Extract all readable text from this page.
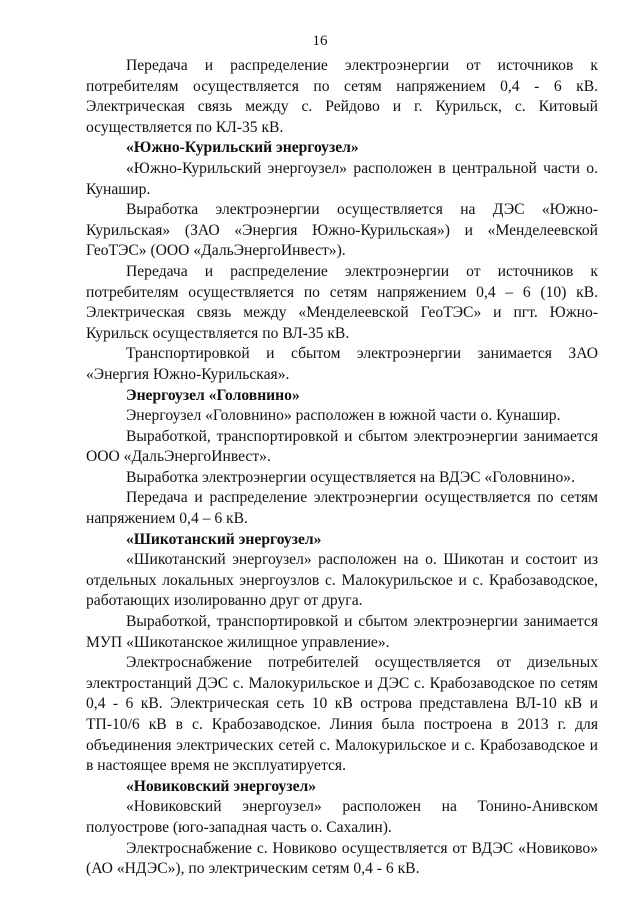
16

Передача и распределение электроэнергии от источников к потребителям осуществляется по сетям напряжением 0,4 - 6 кВ. Электрическая связь между с. Рейдово и г. Курильск, с. Китовый осуществляется по КЛ-35 кВ.

«Южно-Курильский энергоузел»

«Южно-Курильский энергоузел» расположен в центральной части о. Кунашир.

Выработка электроэнергии осуществляется на ДЭС «Южно-Курильская» (ЗАО «Энергия Южно-Курильская») и «Менделеевской ГеоТЭС» (ООО «ДальЭнергоИнвест»).

Передача и распределение электроэнергии от источников к потребителям осуществляется по сетям напряжением 0,4 – 6 (10) кВ. Электрическая связь между «Менделеевской ГеоТЭС» и пгт. Южно-Курильск осуществляется по ВЛ-35 кВ.

Транспортировкой и сбытом электроэнергии занимается ЗАО «Энергия Южно-Курильская».

Энергоузел «Головнино»

Энергоузел «Головнино» расположен в южной части о. Кунашир.

Выработкой, транспортировкой и сбытом электроэнергии занимается ООО «ДальЭнергоИнвест».

Выработка электроэнергии осуществляется на ВДЭС «Головнино».

Передача и распределение электроэнергии осуществляется по сетям напряжением 0,4 – 6 кВ.

«Шикотанский энергоузел»

«Шикотанский энергоузел» расположен на о. Шикотан и состоит из отдельных локальных энергоузлов с. Малокурильское и с. Крабозаводское, работающих изолированно друг от друга.

Выработкой, транспортировкой и сбытом электроэнергии занимается МУП «Шикотанское жилищное управление».

Электроснабжение потребителей осуществляется от дизельных электростанций ДЭС с. Малокурильское и ДЭС с. Крабозаводское по сетям 0,4 - 6 кВ. Электрическая сеть 10 кВ острова представлена ВЛ-10 кВ и ТП-10/6 кВ в с. Крабозаводское. Линия была построена в 2013 г. для объединения электрических сетей с. Малокурильское и с. Крабозаводское и в настоящее время не эксплуатируется.

«Новиковский энергоузел»

«Новиковский энергоузел» расположен на Тонино-Анивском полуострове (юго-западная часть о. Сахалин).

Электроснабжение с. Новиково осуществляется от ВДЭС «Новиково» (АО «НДЭС»), по электрическим сетям 0,4 - 6 кВ.
